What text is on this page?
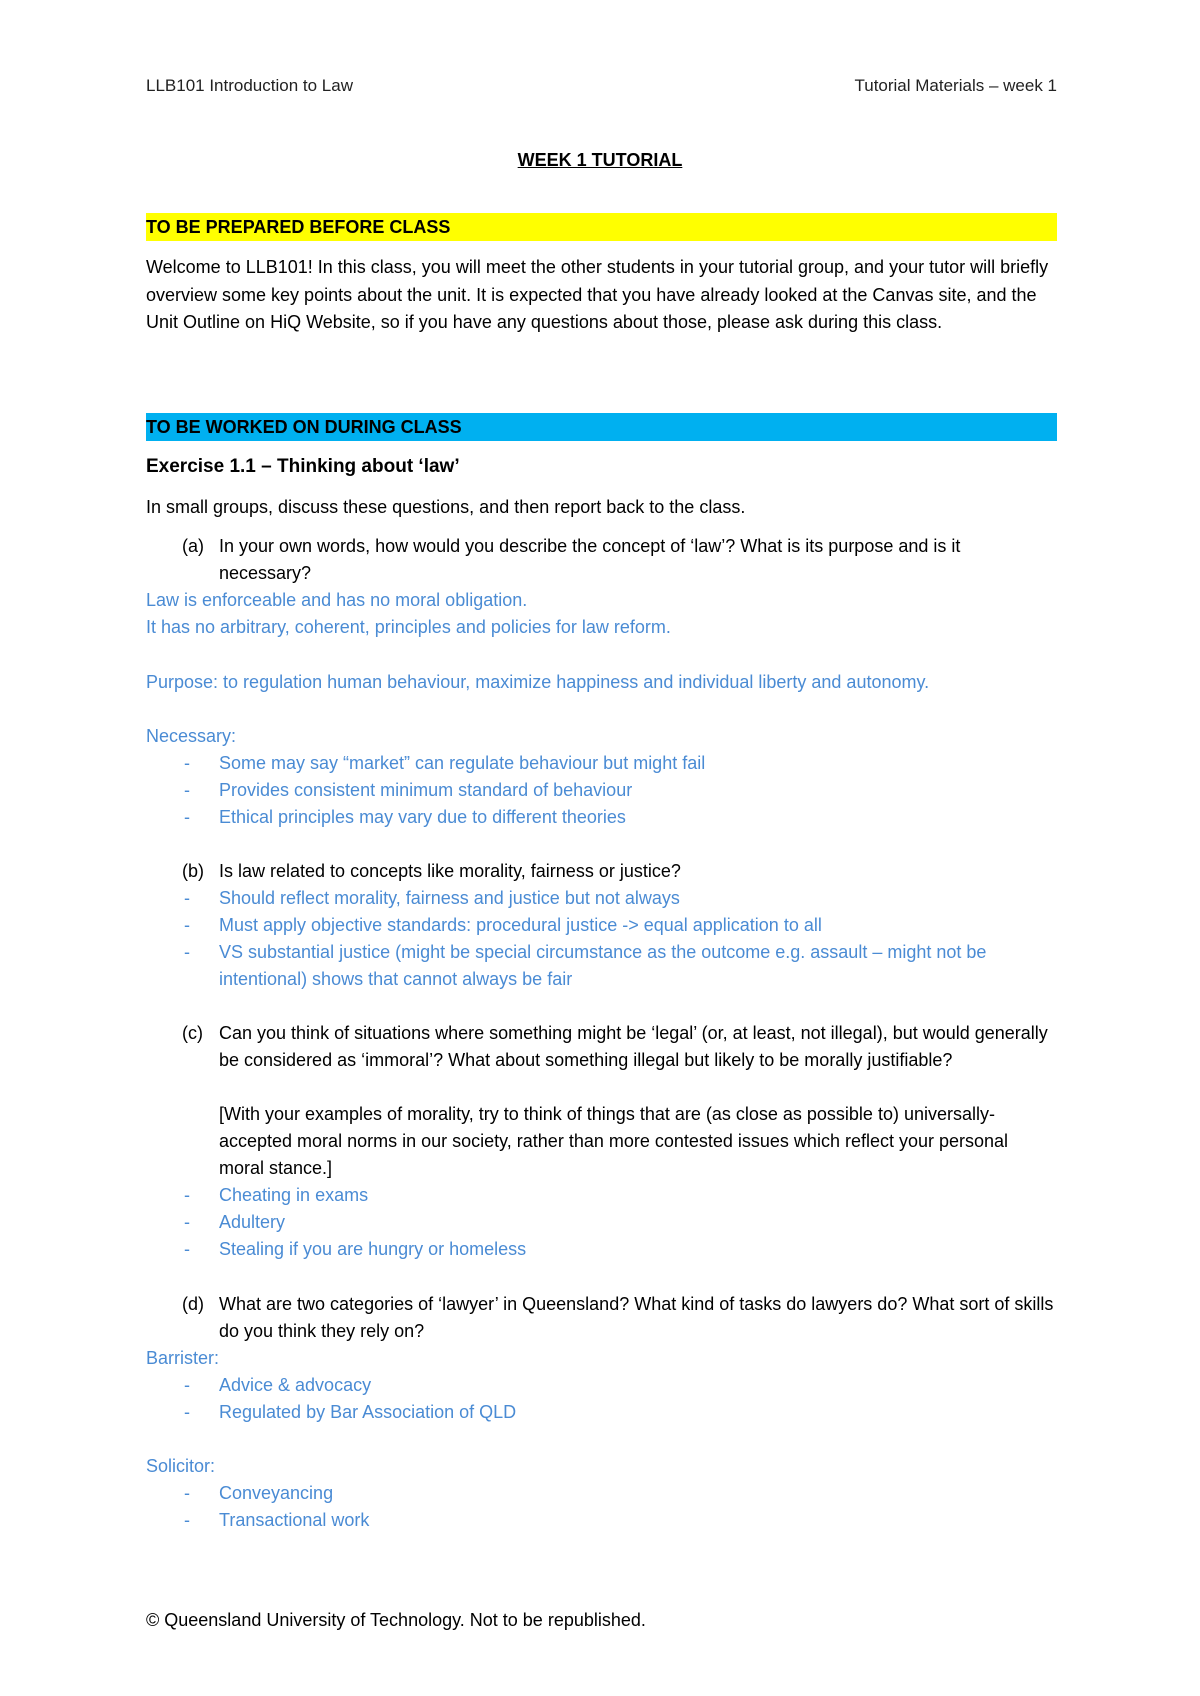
LLB101 Introduction to Law	Tutorial Materials – week 1
WEEK 1 TUTORIAL
TO BE PREPARED BEFORE CLASS
Welcome to LLB101! In this class, you will meet the other students in your tutorial group, and your tutor will briefly overview some key points about the unit. It is expected that you have already looked at the Canvas site, and the Unit Outline on HiQ Website, so if you have any questions about those, please ask during this class.
TO BE WORKED ON DURING CLASS
Exercise 1.1 – Thinking about ‘law’
In small groups, discuss these questions, and then report back to the class.
(a) In your own words, how would you describe the concept of ‘law’? What is its purpose and is it necessary?
Law is enforceable and has no moral obligation.
It has no arbitrary, coherent, principles and policies for law reform.
Purpose: to regulation human behaviour, maximize happiness and individual liberty and autonomy.
Necessary:
- Some may say “market” can regulate behaviour but might fail
- Provides consistent minimum standard of behaviour
- Ethical principles may vary due to different theories
(b) Is law related to concepts like morality, fairness or justice?
- Should reflect morality, fairness and justice but not always
- Must apply objective standards: procedural justice -> equal application to all
- VS substantial justice (might be special circumstance as the outcome e.g. assault – might not be intentional) shows that cannot always be fair
(c) Can you think of situations where something might be ‘legal’ (or, at least, not illegal), but would generally be considered as ‘immoral’? What about something illegal but likely to be morally justifiable?
[With your examples of morality, try to think of things that are (as close as possible to) universally-accepted moral norms in our society, rather than more contested issues which reflect your personal moral stance.]
- Cheating in exams
- Adultery
- Stealing if you are hungry or homeless
(d) What are two categories of ‘lawyer’ in Queensland? What kind of tasks do lawyers do? What sort of skills do you think they rely on?
Barrister:
- Advice & advocacy
- Regulated by Bar Association of QLD
Solicitor:
- Conveyancing
- Transactional work
© Queensland University of Technology. Not to be republished.
